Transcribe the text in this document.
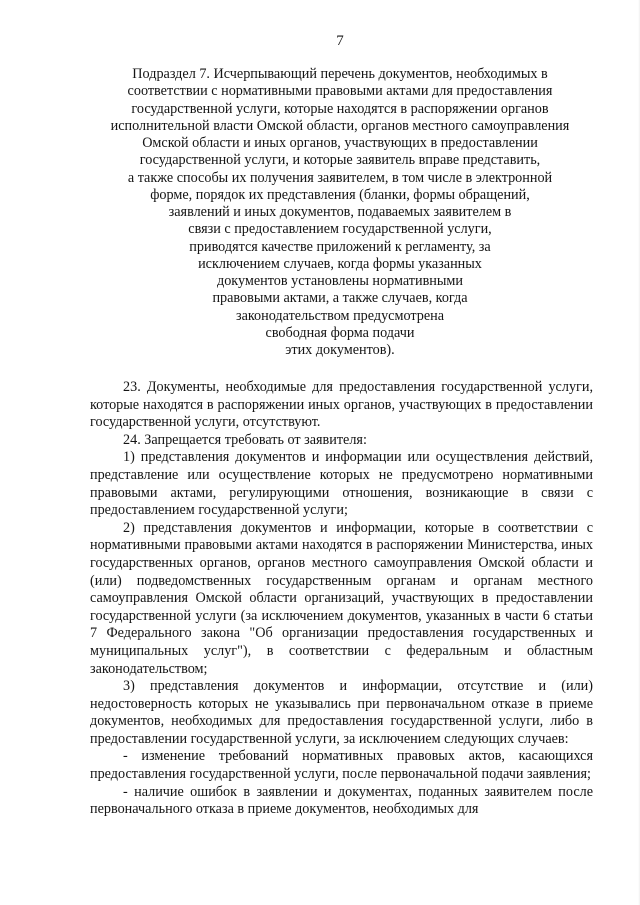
7
Подраздел 7. Исчерпывающий перечень документов, необходимых в
соответствии с нормативными правовыми актами для предоставления
государственной услуги, которые находятся в распоряжении органов
исполнительной власти Омской области, органов местного самоуправления
Омской области и иных органов, участвующих в предоставлении
государственной услуги, и которые заявитель вправе представить,
а также способы их получения заявителем, в том числе в электронной
форме, порядок их представления (бланки, формы обращений,
заявлений и иных документов, подаваемых заявителем в
связи с предоставлением государственной услуги,
приводятся качестве приложений к регламенту, за
исключением случаев, когда формы указанных
документов установлены нормативными
правовыми актами, а также случаев, когда
законодательством предусмотрена
свободная форма подачи
этих документов).

23. Документы, необходимые для предоставления государственной услуги, которые находятся в распоряжении иных органов, участвующих в предоставлении государственной услуги, отсутствуют.

24. Запрещается требовать от заявителя:

1) представления документов и информации или осуществления действий, представление или осуществление которых не предусмотрено нормативными правовыми актами, регулирующими отношения, возникающие в связи с предоставлением государственной услуги;

2) представления документов и информации, которые в соответствии с нормативными правовыми актами находятся в распоряжении Министерства, иных государственных органов, органов местного самоуправления Омской области и (или) подведомственных государственным органам и органам местного самоуправления Омской области организаций, участвующих в предоставлении государственной услуги (за исключением документов, указанных в части 6 статьи 7 Федерального закона "Об организации предоставления государственных и муниципальных услуг"), в соответствии с федеральным и областным законодательством;

3) представления документов и информации, отсутствие и (или) недостоверность которых не указывались при первоначальном отказе в приеме документов, необходимых для предоставления государственной услуги, либо в предоставлении государственной услуги, за исключением следующих случаев:

- изменение требований нормативных правовых актов, касающихся предоставления государственной услуги, после первоначальной подачи заявления;

- наличие ошибок в заявлении и документах, поданных заявителем после первоначального отказа в приеме документов, необходимых для
